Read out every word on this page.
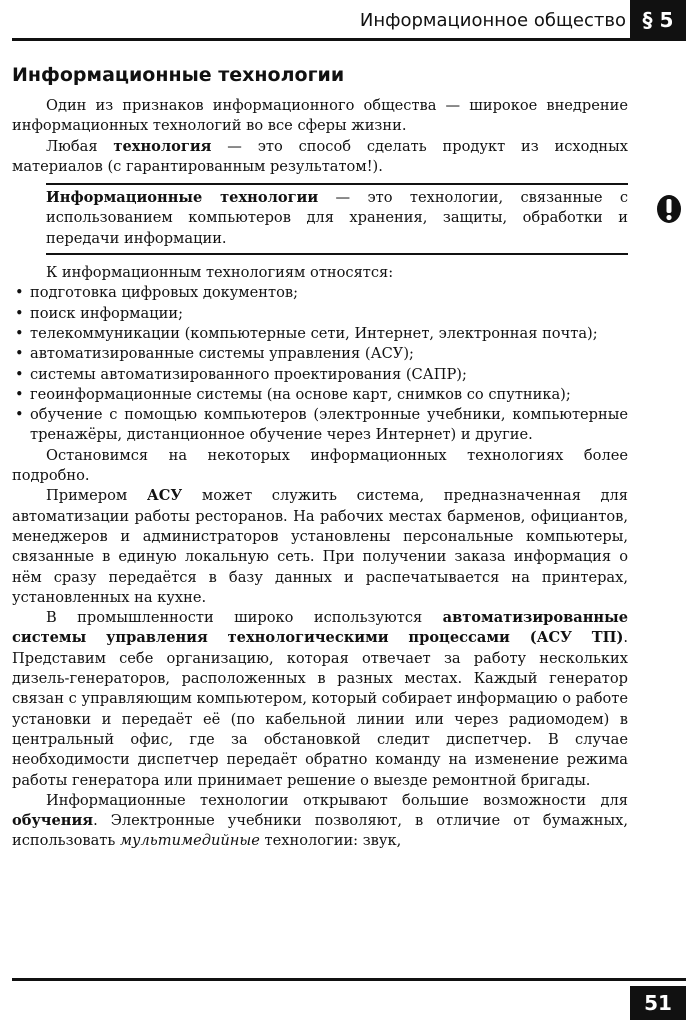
Информационное общество § 5
Информационные технологии

Один из признаков информационного общества — широкое внедрение информационных технологий во все сферы жизни.

Любая технология — это способ сделать продукт из исходных материалов (с гарантированным результатом!).

Информационные технологии — это технологии, связанные с использованием компьютеров для хранения, защиты, обработки и передачи информации.

К информационным технологиям относятся:

• подготовка цифровых документов;
• поиск информации;
• телекоммуникации (компьютерные сети, Интернет, электронная почта);
• автоматизированные системы управления (АСУ);
• системы автоматизированного проектирования (САПР);
• геоинформационные системы (на основе карт, снимков со спутника);
• обучение с помощью компьютеров (электронные учебники, компьютерные тренажёры, дистанционное обучение через Интернет) и другие.

Остановимся на некоторых информационных технологиях более подробно.

Примером АСУ может служить система, предназначенная для автоматизации работы ресторанов. На рабочих местах барменов, официантов, менеджеров и администраторов установлены персональные компьютеры, связанные в единую локальную сеть. При получении заказа информация о нём сразу передаётся в базу данных и распечатывается на принтерах, установленных на кухне.

В промышленности широко используются автоматизированные системы управления технологическими процессами (АСУ ТП). Представим себе организацию, которая отвечает за работу нескольких дизель-генераторов, расположенных в разных местах. Каждый генератор связан с управляющим компьютером, который собирает информацию о работе установки и передаёт её (по кабельной линии или через радиомодем) в центральный офис, где за обстановкой следит диспетчер. В случае необходимости диспетчер передаёт обратно команду на изменение режима работы генератора или принимает решение о выезде ремонтной бригады.

Информационные технологии открывают большие возможности для обучения. Электронные учебники позволяют, в отличие от бумажных, использовать мультимедийные технологии: звук,

51
